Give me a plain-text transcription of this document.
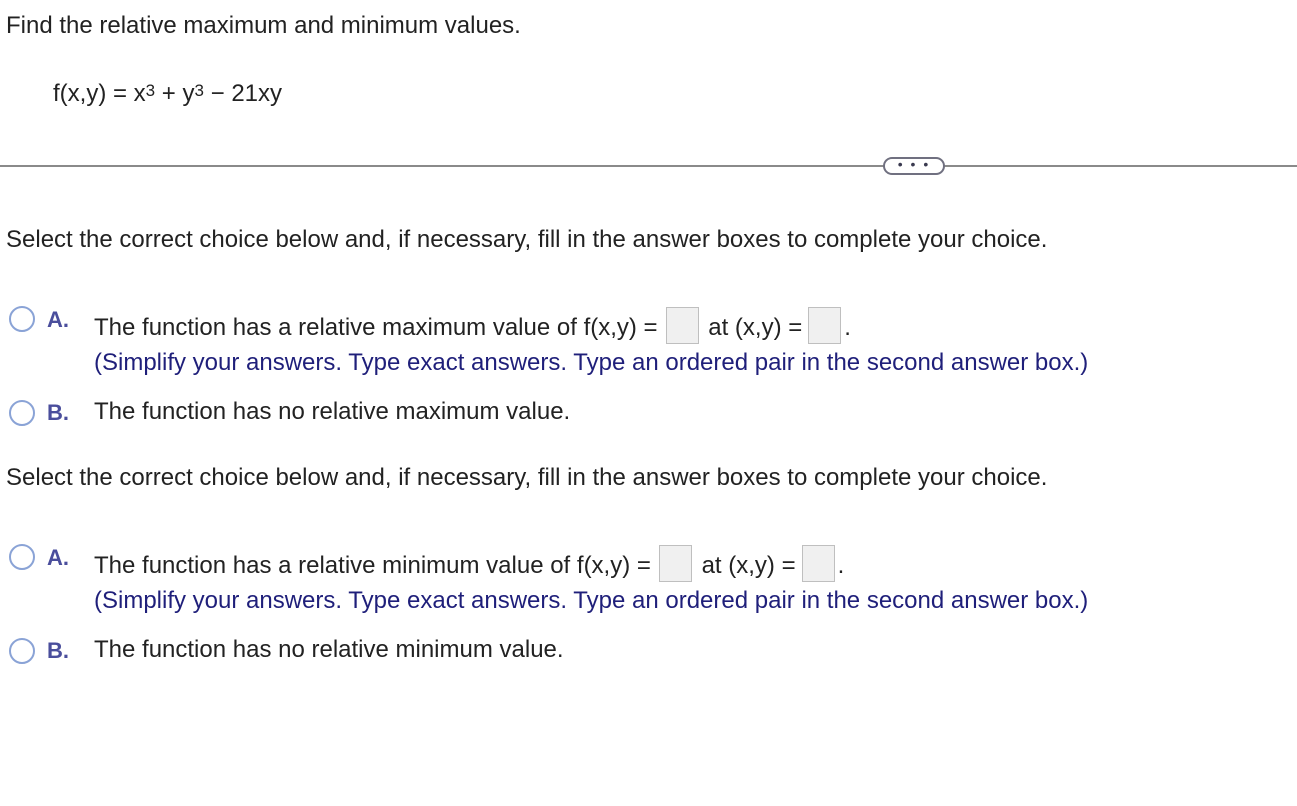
Find the relative maximum and minimum values.
$f(x,y) = x^3 + y^3 - 21xy$
• • •
Select the correct choice below and, if necessary, fill in the answer boxes to complete your choice.
A. The function has a relative maximum value of f(x,y) = at (x,y) = .
(Simplify your answers. Type exact answers. Type an ordered pair in the second answer box.)
B. The function has no relative maximum value.
Select the correct choice below and, if necessary, fill in the answer boxes to complete your choice.
A. The function has a relative minimum value of f(x,y) = at (x,y) = .
(Simplify your answers. Type exact answers. Type an ordered pair in the second answer box.)
B. The function has no relative minimum value.
